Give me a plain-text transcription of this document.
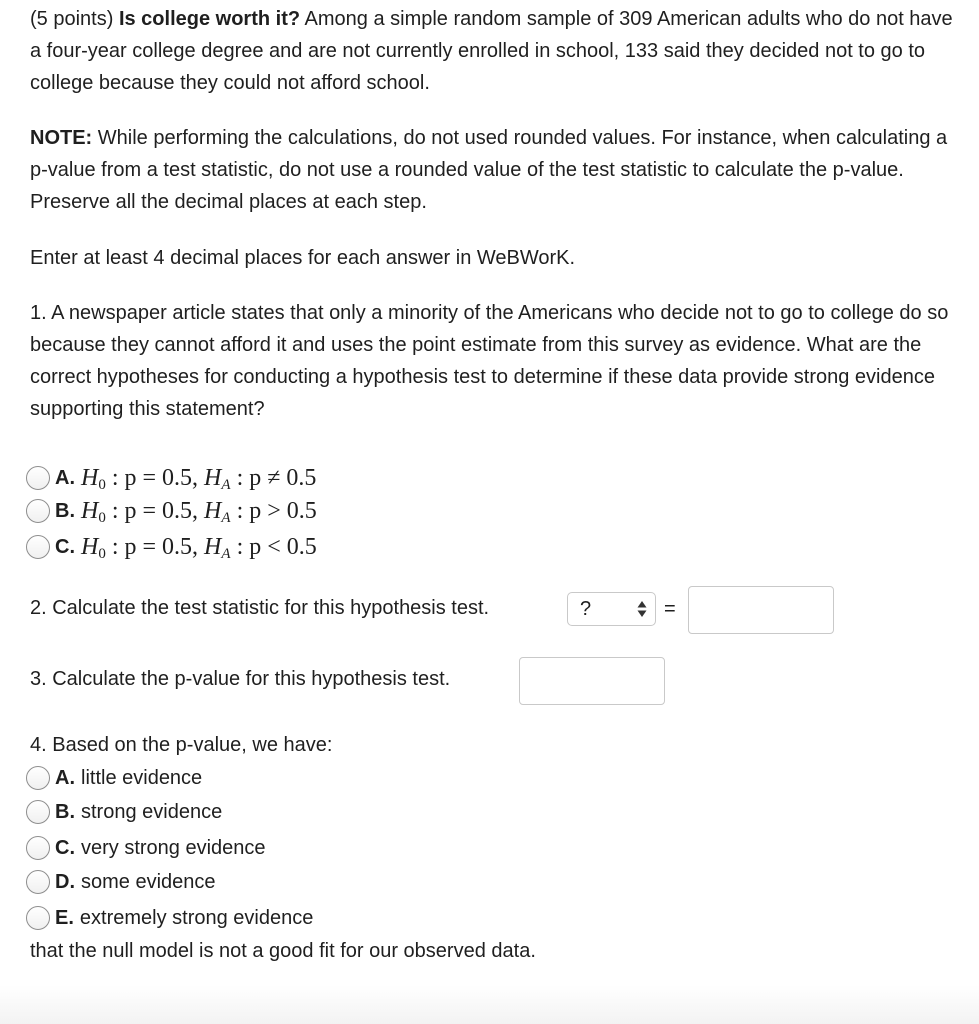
(5 points) Is college worth it? Among a simple random sample of 309 American adults who do not have a four-year college degree and are not currently enrolled in school, 133 said they decided not to go to college because they could not afford school.
NOTE: While performing the calculations, do not used rounded values. For instance, when calculating a p-value from a test statistic, do not use a rounded value of the test statistic to calculate the p-value. Preserve all the decimal places at each step.
Enter at least 4 decimal places for each answer in WeBWorK.
1. A newspaper article states that only a minority of the Americans who decide not to go to college do so because they cannot afford it and uses the point estimate from this survey as evidence. What are the correct hypotheses for conducting a hypothesis test to determine if these data provide strong evidence supporting this statement?
A. $H_0$ : p = 0.5, $H_A$ : p ≠ 0.5
B. $H_0$ : p = 0.5, $H_A$ : p > 0.5
C. $H_0$ : p = 0.5, $H_A$ : p < 0.5
2. Calculate the test statistic for this hypothesis test.	?	=
3. Calculate the p-value for this hypothesis test.
4. Based on the p-value, we have:
A. little evidence
B. strong evidence
C. very strong evidence
D. some evidence
E. extremely strong evidence
that the null model is not a good fit for our observed data.
